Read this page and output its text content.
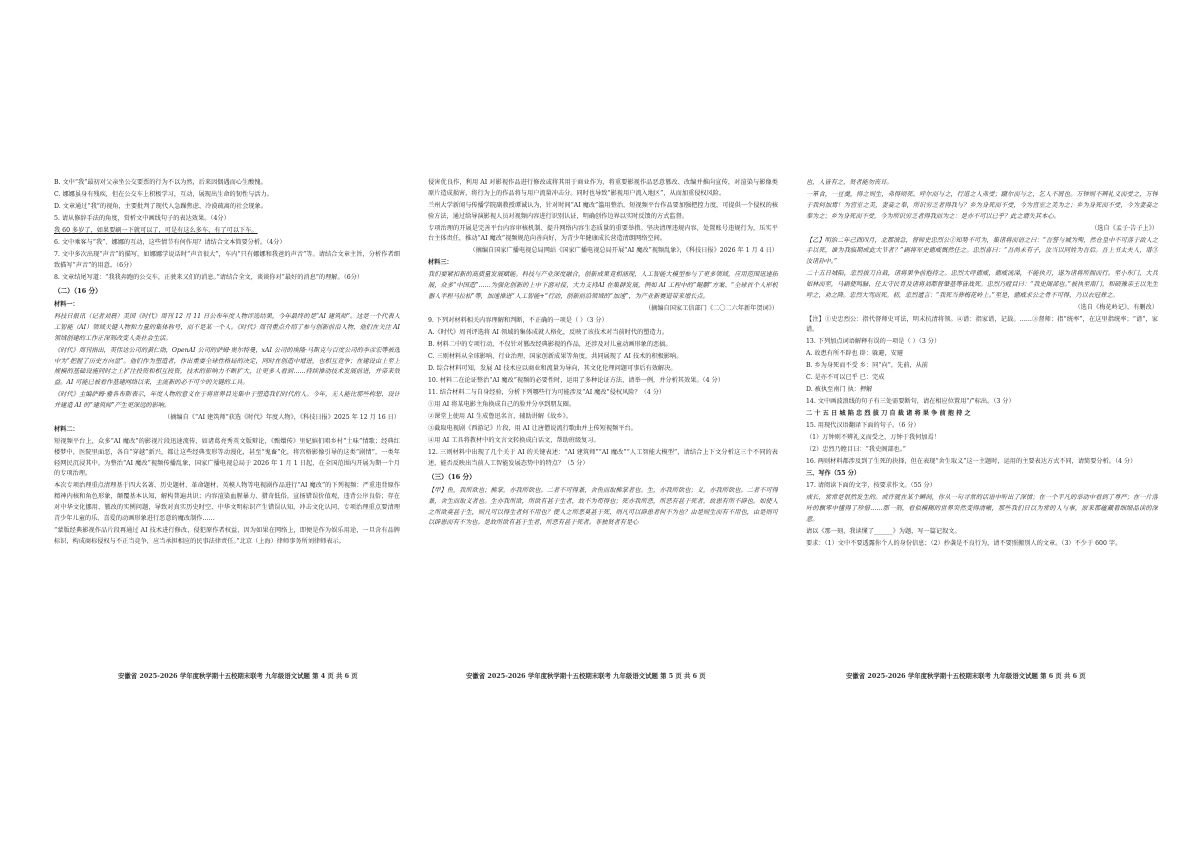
B. 文中“我”最初对父亲坐公交要票的行为不以为然，后来因偶遇而心生酸愧。

C. 娜娜虽身有残疾，但在公交车上积极学习，互动，展现出生命的韧性与活力。

D. 文章通过“我”的视角，主要批判了现代人急躁焦虑、冷漠疏离的社会现象。

5. 请从修辞手法的角度，赏析文中画线句子的表达效果。（4分）

我 60 多岁了，如果要刷一下就可以了，可是有这么多车，有了可以下车。

6. 文中乘客与“我”、娜娜的互动，这些情节有何作用？请结合文本简要分析。（4分）

7. 文中多次出现“声音”的描写，如娜娜学说话时“声音很大”，车内“只有娜娜和我爸的声音”等。请结合文章主旨，分析作者细致描写“声音”的用意。（6分）

8. 文章结尾写道：“我我奔跑的公交车，正驶来又们的消息。”请结合全文，谈谈你对“最好的消息”的理解。（6分）

（二）（16 分）

材料一：

科技日报讯（记者刘晨）美国《时代》周刊 12 月 11 日公布年度人物评选结果，今年最终的是“AI 建筑师”。这是一个代表人工智能（AI）领域关键人物和力量的集体称号，而不是某一个人。《时代》周刊重点介绍了参与创新前沿人物，他们在关注 AI 领域创建的工作正深刻改变人类社会生活。

《时代》周刊指出，英伟达公司的黄仁勋，OpenAI 公司的萨姆·奥尔特曼，xAI 公司的埃隆·马斯克与百度公司的李彦宏等被选中为“把握了历史方向盘”。他们作为塑造者，作出重要全球性格局的决定，同时在创造中增进，也相互竞争；在建设由上至上规模的基础设施同时之上扩注投资和相互投资，技术的影响力不断扩大，让更多人看到……持续推动技术发展前进，并带来效益。AI 可能已被看作基建网络以来，主流新的必不可少的关键的工具。

《时代》主编萨姆·雅各布斯表示，年度人物的意义在于将世界目光集中于塑造我们时代的人。今年，无人能比那些构想、设计并建造 AI 的“建筑师”产生更深远的影响。

（摘编自《“AI 建筑师”获选《时代》年度人物》，《科技日报》2025 年 12 月 16 日）

材料二：

短视频平台上，众多“AI 魔改”的影视片段迅速流传，如诸葛亮秀英文版辩论，《甄嬛传》里妃嫔们唱乡村“土味”情歌；经典红楼梦中，医院里面恶，各自“穿越”新兴，都让这些经典变形等动漫化，甚至“鬼畜”化，将宫格影像引导的这类“剧情”，一类年轻网民沉浸其中。为整治“AI 魔改”视频传播乱象，国家广播电视总局于 2026 年 1 月 1 日起，在全国范围内开展为期一个月的专项治理。

本次专项治理重点清理基于四大名著、历史题材、革命题材、英模人物等电视剧作品进行“AI 魔改”的下列视频：严重违背原作精神内核和角色形象，颠覆基本认知，解构普遍共识；内容渲染血腥暴力、猎奇低俗，宣扬错误价值观，违背公序良俗；存在对中华文化挪用、篡改的实例问题，导致对真实历史时空、中华文明标识产生错误认知，冲击文化认同，专项治理重点要清理青少年儿童的乐、喜爱的动画形象进行恶意的魔改制作……

“蒙版经典影视作品片段再通过 AI 技术进行修改，侵犯原作者权益，因为如果在网络上，即便是作为娱乐用途，一旦含有品牌标识，构成商标侵权与不正当竞争，应当承担相应的民事法律责任。”北京（上海）律师事务所刘律师表示。

安徽省 2025-2026 学年度秋学期十五校期末联考 九年级语文试题 第 4 页 共 6 页

侵害优良作，利用 AI 对影视作品进行修改或将其用于商业作为，将重要影视作品恶意篡改、改编并推向宣传，对渲染与影像类原片造成损害，将行为上的作品将与用户流量冲击分。同时也导致“影视用户流入地区”，从而加重侵权风险。

兰州大学新闻与传播学院副教授谭诚认为，针对时间“AI 魔改”滥用整治，短视频平台作品要加强把控力度，可提供一个侵权的核验方法，通过给导演影视人员对视频内容进行识别认证，明确创作边界以实时反馈的方式监督。

专项治理的开展是完善平台内容审核机制、提升网络内容生态质量的重要举措。坚决清理违规内容，处置账号违规行为，压实平台主体责任，推动“AI 魔改”视频规范向善向好，为青少年健康成长营造清朗网络空间。

（摘编自国家广播电视总局网站《国家广播电视总局开展“AI 魔改”视频乱象》，《科技日报》2026 年 1 月 4 日）

材料三：

我们要紧扣新的高质量发展赋能。科技与产业深度融合，创新成果竟相涌现，人工智能大模型参与了更多领域，应用范围迅速拓展，众多“中国造”……为强化创新的上中下游对接，大力支持AI 在集群发展，例如 AI 工程中的“鲲鹏”方案、“全球首个人形机器人半程马拉松”等，加速推进“人工智能+”行动，创新前沿领域的“加速”，为产业新赛道带来增长点。

（摘编自国家工信部门《二〇二六年新年贺词》）

9. 下列对材料相关内容理解和判断，不正确的一项是（ ）（3 分）

A.《时代》周刊评选将 AI 领域的集体成就人格化，反映了该技术对当前时代的塑造力。

B. 材料二中的专项行动，不仅针对篡改经典影视的作品，还涉及对儿童动画形象的恶搞。

C. 三则材料从全球影响、行业治理、国家创新成果等角度，共同展现了 AI 技术的积极影响。

D. 综合材料可知，发展 AI 技术应以商业和流量为导向，其文化伦理问题可事后有效解决。

10. 材料二在论证整治“AI 魔改”视频的必要性时，运用了多种论证方法，请举一例，并分析其效果。（4 分）

11. 结合材料二与自身经验，分析下列哪些行为可能涉及“AI 魔改”侵权风险？（4 分）

①用 AI 将某电影主角换成自己的脸并分享到朋友圈。

②课堂上使用 AI 生成鲁迅名言，辅助讲解《故乡》。

③截取电视剧《西游记》片段，用 AI 让唐僧说流行歌曲并上传短视频平台。

④用 AI 工具将教材中的文言文转换成白话文，帮助班级复习。

12. 三则材料中出现了几个关于 AI 的关键表述：“AI 建筑师”“AI 魔改”“人工智能大模型”，请结合上下文分析这三个不同的表述，能否反映出当前人工智能发展态势中的特点？（5 分）

（三）（16 分）

【甲】鱼，我所欲也；熊掌，亦我所欲也。二者不可得兼，舍鱼而取熊掌者也。生，亦我所欲也；义，亦我所欲也。二者不可得兼，舍生而取义者也。生亦我所欲，所欲有甚于生者，故不为苟得也；死亦我所恶，所恶有甚于死者，故患有所不辟也。如使人之所欲莫甚于生，则凡可以得生者何不用也？使人之所恶莫甚于死，则凡可以辟患者何不为也？由是则生而有不用也，由是则可以辟患而有不为也。是故所欲有甚于生者，所恶有甚于死者。非独贤者有是心

安徽省 2025-2026 学年度秋学期十五校期末联考 九年级语文试题 第 5 页 共 6 页

也，人皆有之，贤者能勿丧耳。

一箪食，一豆羹，得之则生，弗得则死。呼尔而与之，行道之人弗受；蹴尔而与之，乞人不屑也。万钟则不辨礼义而受之，万钟于我何加焉！为宫室之美，妻妾之奉，所识穷乏者得我与？乡为身死而不受，今为宫室之美为之；乡为身死而不受，今为妻妾之奉为之；乡为身死而不受，今为所识穷乏者得我而为之：是亦不可以已乎？此之谓失其本心。

（选自《孟子·告子上》）

【乙】明治二年己酉四月，北都溃急，督师史忠烈公①知势不可为，集诸将而语之曰：“吾誓与城为殉，然仓皇中不可落于敌人之手以死，谁为我临期成此大节者？”副将军史德威慨然任之。忠烈喜曰：“吾尚未有子，汝当以同姓为吾后。吾上书太夫人，谱③汝诸孙中。”

二十五日城陷，忠烈拔刀自裁，诸将果争前抱持之。忠烈大呼德威，德威流涕，不能执刃，遂为诸将所拥而行。至小东门，大兵如林而至，马副使鸣騄、任太守民育及诸将刘都督肇基等皆战死。忠烈乃瞠目曰：“我史阁部也。”被执至南门，和硕豫亲王以先生呼之，劝之降。忠烈大骂而死。初，忠烈遗言：“我死当葬梅花岭上。”至是，德威求公之骨不可得，乃以衣冠葬之。

（选自《梅花岭记》，有删改）

【注】①史忠烈公：指代督师史可法，明末抗清将领。④谱：指家谱，记载。……③督师：指“统率”，在这里指统率；“谱”，家谱。

13. 下列加点词语解释有误的一项是（ ）（3 分）

A. 故患有所不辟也 辟：躲避，安避

B. 乡为身死而不受 乡：同“向”，先前，从前

C. 是亦不可以已乎 已：完成

D. 被执至南门 执：押解

14. 文中画波浪线的句子有三处需要断句，请在相应位置用“/”标出。（3 分）

二 十 五 日 城 陷 忠 烈 拔 刀 自 裁 诸 将 果 争 前 抱 持 之

15. 用现代汉语翻译下面的句子。（6 分）

（1）万钟则不辨礼义而受之，万钟于我何加焉！

（2）忠烈乃瞠目曰：“我史阁部也。”

16. 两则材料都涉及到了生死的抉择，但在表现“舍生取义”这一主题时，运用的主要表达方式不同，请简要分析。（4 分）

三、写作（55 分）

17. 请阅读下面的文字，按要求作文。（55 分）

成长，常常是很然发生的。或许就在某个瞬间，你从一句寻常的话语中听出了深情；在一个平凡的举动中看到了尊严；在一片落叶的飘零中懂得了珍惜……那一刻，看似模糊的世界突然变得清晰，那些我们日以为常的人与事，原来都蕴藏着细细品读的深意。

请以《那一刻，我读懂了______》为题，写一篇记叙文。

要求：（1）文中不要透露你个人的身份信息；（2）抄袭是不良行为，请不要照搬别人的文章。（3）不少于 600 字。

安徽省 2025-2026 学年度秋学期十五校期末联考 九年级语文试题 第 6 页 共 6 页
